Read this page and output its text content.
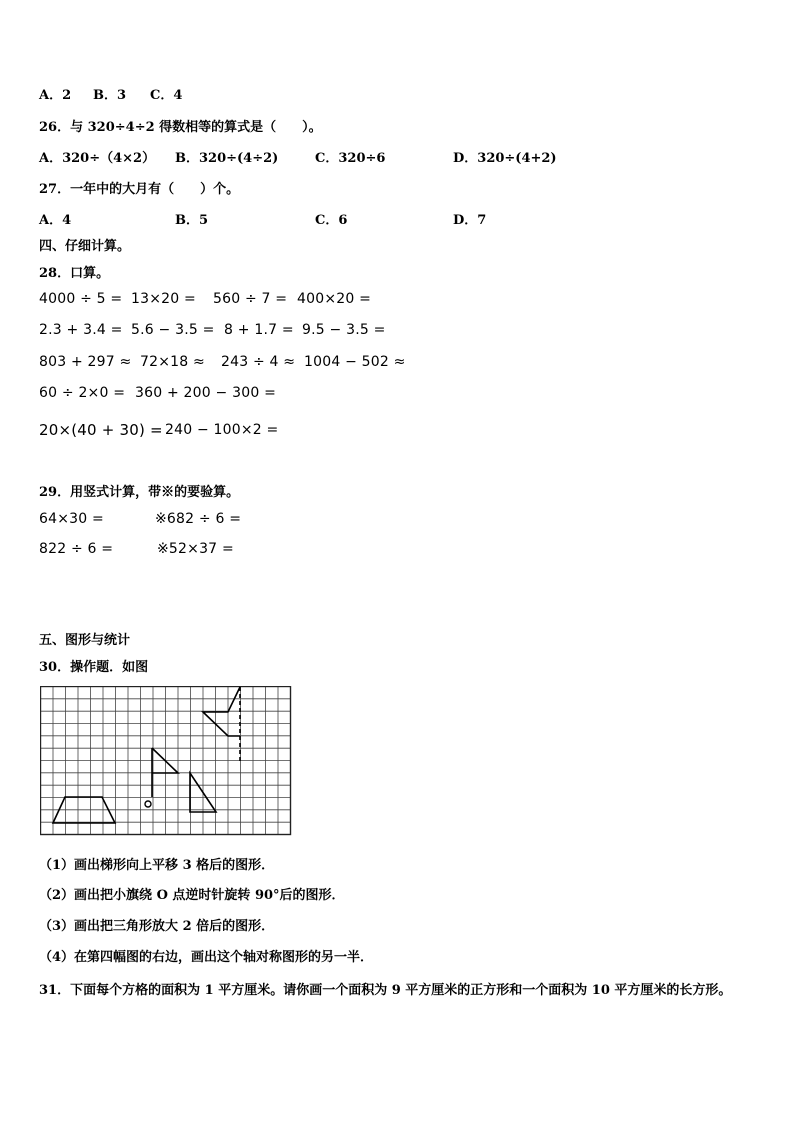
A．2 B．3 C．4
26．与 320÷4÷2 得数相等的算式是（　　）。
A．320÷（4×2） B．320÷(4÷2)	C．320÷6	D．320÷(4+2)
27．一年中的大月有（　　）个。
A．4	B．5	C．6	D．7
四、仔细计算。
28．口算。
4000 ÷ 5 = 13×20 = 560 ÷ 7 = 400×20 =
2.3 + 3.4 = 5.6 − 3.5 = 8 + 1.7 = 9.5 − 3.5 =
803 + 297 ≈ 72×18 ≈ 243 ÷ 4 ≈ 1004 − 502 ≈
60 ÷ 2×0 = 360 + 200 − 300 =
20×(40 + 30) = 240 − 100×2 =
29．用竖式计算，带※的要验算。
64×30 =	※682 ÷ 6 =
822 ÷ 6 =	※52×37 =
五、图形与统计
30．操作题．如图
（1）画出梯形向上平移 3 格后的图形．
（2）画出把小旗绕 O 点逆时针旋转 90°后的图形．
（3）画出把三角形放大 2 倍后的图形．
（4）在第四幅图的右边，画出这个轴对称图形的另一半．
31．下面每个方格的面积为 1 平方厘米。请你画一个面积为 9 平方厘米的正方形和一个面积为 10 平方厘米的长方形。
